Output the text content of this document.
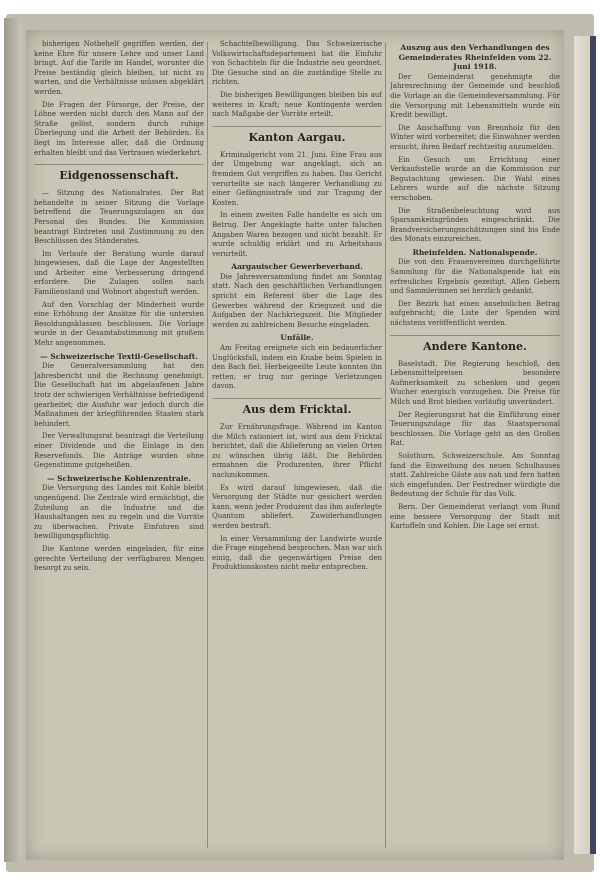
bisherigen Notbehelf gegriffen werden, der keine Ehre für unsere Lehre und unser Land bringt. Auf die Tarife im Handel, worunter die Preise beständig gleich bleiben, ist nicht zu warten, und die Verhältnisse müssen abgeklärt werden.

Die Fragen der Fürsorge, der Preise, der Löhne werden nicht durch den Mann auf der Straße gelöst, sondern durch ruhige Überlegung und die Arbeit der Behörden. Es liegt im Interesse aller, daß die Ordnung erhalten bleibt und das Vertrauen wiederkehrt.

Eidgenossenschaft.

— Sitzung des Nationalrates. Der Rat behandelte in seiner Sitzung die Vorlage betreffend die Teuerungszulagen an das Personal des Bundes. Die Kommission beantragt Eintreten und Zustimmung zu den Beschlüssen des Ständerates.

Im Verlaufe der Beratung wurde darauf hingewiesen, daß die Lage der Angestellten und Arbeiter eine Verbesserung dringend erfordere. Die Zulagen sollen nach Familienstand und Wohnort abgestuft werden.

Auf den Vorschlag der Minderheit wurde eine Erhöhung der Ansätze für die untersten Besoldungsklassen beschlossen. Die Vorlage wurde in der Gesamtabstimmung mit großem Mehr angenommen.

— Schweizerische Textil-Gesellschaft.

Die Generalversammlung hat den Jahresbericht und die Rechnung genehmigt. Die Gesellschaft hat im abgelaufenen Jahre trotz der schwierigen Verhältnisse befriedigend gearbeitet; die Ausfuhr war jedoch durch die Maßnahmen der kriegführenden Staaten stark behindert.

Der Verwaltungsrat beantragt die Verteilung einer Dividende und die Einlage in den Reservefonds. Die Anträge wurden ohne Gegenstimme gutgeheißen.

— Schweizerische Kohlenzentrale.

Die Versorgung des Landes mit Kohle bleibt ungenügend. Die Zentrale wird ermächtigt, die Zuteilung an die Industrie und die Haushaltungen neu zu regeln und die Vorräte zu überwachen. Private Einfuhren sind bewilligungspflichtig.

Die Kantone werden eingeladen, für eine gerechte Verteilung der verfügbaren Mengen besorgt zu sein.

Schachtelbewilligung. Das Schweizerische Volkswirtschaftsdepartement hat die Einfuhr von Schachteln für die Industrie neu geordnet. Die Gesuche sind an die zuständige Stelle zu richten.

Die bisherigen Bewilligungen bleiben bis auf weiteres in Kraft; neue Kontingente werden nach Maßgabe der Vorräte erteilt.

Kanton Aargau.

Kriminalgericht vom 21. Juni. Eine Frau aus der Umgebung war angeklagt, sich an fremdem Gut vergriffen zu haben. Das Gericht verurteilte sie nach längerer Verhandlung zu einer Gefängnisstrafe und zur Tragung der Kosten.

In einem zweiten Falle handelte es sich um Betrug. Der Angeklagte hatte unter falschen Angaben Waren bezogen und nicht bezahlt. Er wurde schuldig erklärt und zu Arbeitshaus verurteilt.

Aargauischer Gewerbeverband.

Die Jahresversammlung findet am Sonntag statt. Nach den geschäftlichen Verhandlungen spricht ein Referent über die Lage des Gewerbes während der Kriegszeit und die Aufgaben der Nachkriegszeit. Die Mitglieder werden zu zahlreichem Besuche eingeladen.

Unfälle.

Am Freitag ereignete sich ein bedauerlicher Unglücksfall, indem ein Knabe beim Spielen in den Bach fiel. Herbeigeeilte Leute konnten ihn retten; er trug nur geringe Verletzungen davon.

Aus dem Fricktal.

Zur Ernährungsfrage. Während im Kanton die Milch rationiert ist, wird aus dem Fricktal berichtet, daß die Ablieferung an vielen Orten zu wünschen übrig läßt. Die Behörden ermahnen die Produzenten, ihrer Pflicht nachzukommen.

Es wird darauf hingewiesen, daß die Versorgung der Städte nur gesichert werden kann, wenn jeder Produzent das ihm auferlegte Quantum abliefert. Zuwiderhandlungen werden bestraft.

In einer Versammlung der Landwirte wurde die Frage eingehend besprochen. Man war sich einig, daß die gegenwärtigen Preise den Produktionskosten nicht mehr entsprechen.

Auszug aus den Verhandlungen des Gemeinderates Rheinfelden vom 22. Juni 1918.

Der Gemeinderat genehmigte die Jahresrechnung der Gemeinde und beschloß die Vorlage an die Gemeindeversammlung. Für die Versorgung mit Lebensmitteln wurde ein Kredit bewilligt.

Die Anschaffung von Brennholz für den Winter wird vorbereitet; die Einwohner werden ersucht, ihren Bedarf rechtzeitig anzumelden.

Ein Gesuch um Errichtung einer Verkaufsstelle wurde an die Kommission zur Begutachtung gewiesen. Die Wahl eines Lehrers wurde auf die nächste Sitzung verschoben.

Die Straßenbeleuchtung wird aus Sparsamkeitsgründen eingeschränkt. Die Brandversicherungsschätzungen sind bis Ende des Monats einzureichen.

Rheinfelden. Nationalspende.

Die von den Frauenvereinen durchgeführte Sammlung für die Nationalspende hat ein erfreuliches Ergebnis gezeitigt. Allen Gebern und Sammlerinnen sei herzlich gedankt.

Der Bezirk hat einen ansehnlichen Betrag aufgebracht; die Liste der Spenden wird nächstens veröffentlicht werden.

Andere Kantone.

Baselstadt. Die Regierung beschloß, den Lebensmittelpreisen besondere Aufmerksamkeit zu schenken und gegen Wucher energisch vorzugehen. Die Preise für Milch und Brot bleiben vorläufig unverändert.

Der Regierungsrat hat die Einführung einer Teuerungszulage für das Staatspersonal beschlossen. Die Vorlage geht an den Großen Rat.

Solothurn. Schweizerschule. Am Sonntag fand die Einweihung des neuen Schulhauses statt. Zahlreiche Gäste aus nah und fern hatten sich eingefunden. Der Festredner würdigte die Bedeutung der Schule für das Volk.

Bern. Der Gemeinderat verlangt vom Bund eine bessere Versorgung der Stadt mit Kartoffeln und Kohlen. Die Lage sei ernst.
